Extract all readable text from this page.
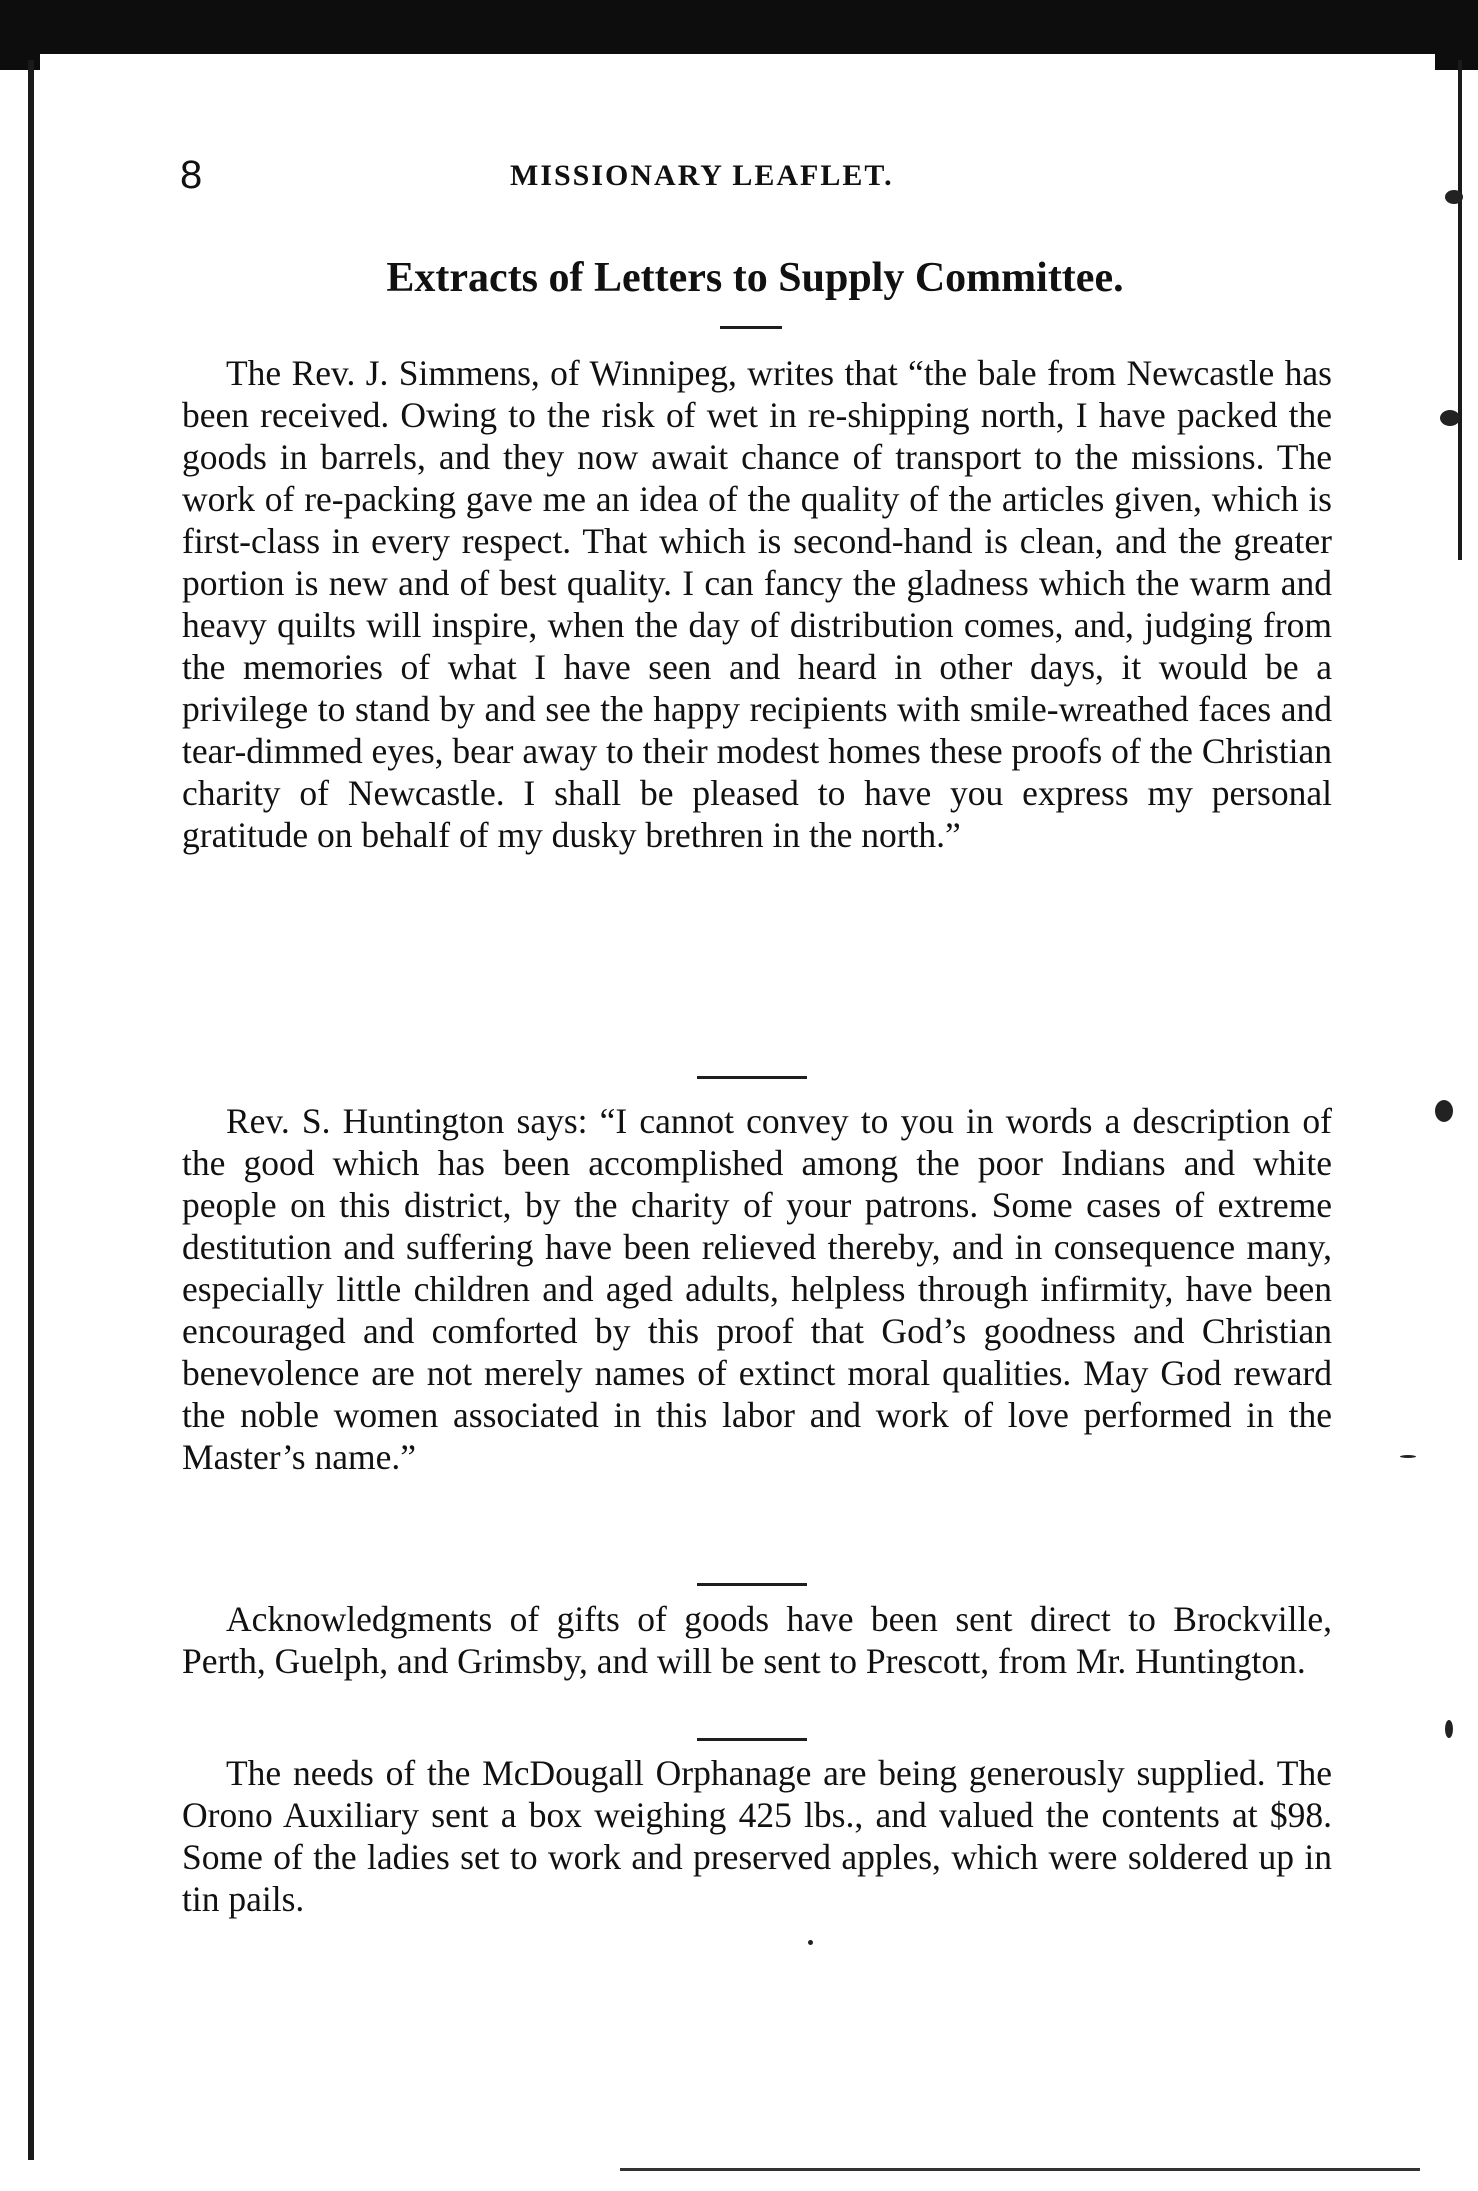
8	MISSIONARY LEAFLET.
Extracts of Letters to Supply Committee.

The Rev. J. Simmens, of Winnipeg, writes that “the bale from Newcastle has been received. Owing to the risk of wet in re-shipping north, I have packed the goods in barrels, and they now await chance of transport to the missions. The work of re-packing gave me an idea of the quality of the articles given, which is first-class in every respect. That which is second-hand is clean, and the greater portion is new and of best quality. I can fancy the gladness which the warm and heavy quilts will inspire, when the day of distribution comes, and, judging from the memories of what I have seen and heard in other days, it would be a privilege to stand by and see the happy recipients with smile-wreathed faces and tear-dimmed eyes, bear away to their modest homes these proofs of the Christian charity of Newcastle. I shall be pleased to have you express my personal gratitude on behalf of my dusky brethren in the north.”

Rev. S. Huntington says: “I cannot convey to you in words a description of the good which has been accomplished among the poor Indians and white people on this district, by the charity of your patrons. Some cases of extreme destitution and suffering have been relieved thereby, and in consequence many, especially little children and aged adults, helpless through infirmity, have been encouraged and comforted by this proof that God’s goodness and Christian benevolence are not merely names of extinct moral qualities. May God reward the noble women associated in this labor and work of love performed in the Master’s name.”

Acknowledgments of gifts of goods have been sent direct to Brockville, Perth, Guelph, and Grimsby, and will be sent to Prescott, from Mr. Huntington.

The needs of the McDougall Orphanage are being generously supplied. The Orono Auxiliary sent a box weighing 425 lbs., and valued the contents at $98. Some of the ladies set to work and preserved apples, which were soldered up in tin pails.
